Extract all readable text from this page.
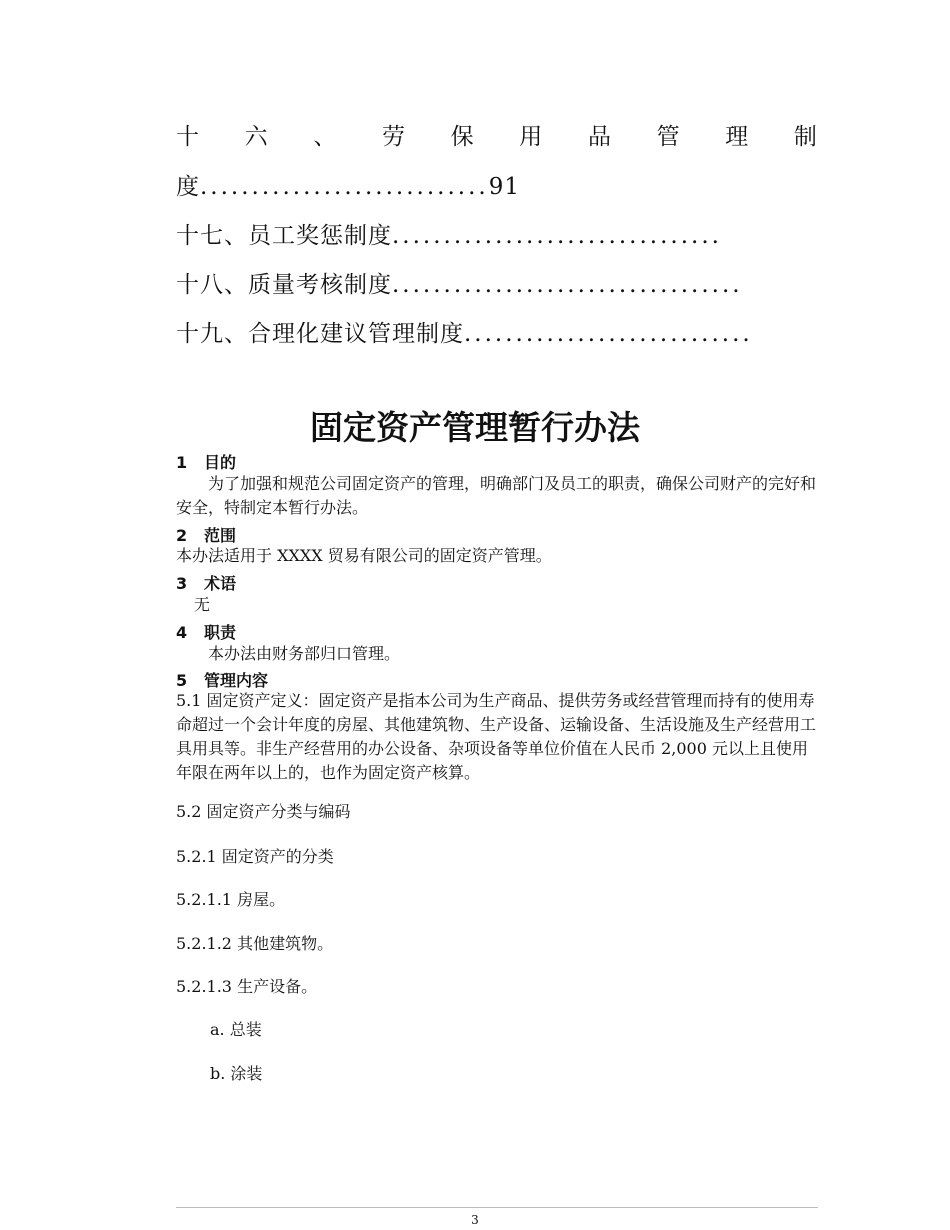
十 六 、 劳 保 用 品 管 理 制
度............................91
十七、员工奖惩制度................................
十八、质量考核制度..................................
十九、合理化建议管理制度............................
固定资产管理暂行办法
1 目的
为了加强和规范公司固定资产的管理，明确部门及员工的职责，确保公司财产的完好和安全，特制定本暂行办法。
2 范围
本办法适用于 XXXX 贸易有限公司的固定资产管理。
3 术语
无
4 职责
本办法由财务部归口管理。
5 管理内容
5.1 固定资产定义：固定资产是指本公司为生产商品、提供劳务或经营管理而持有的使用寿命超过一个会计年度的房屋、其他建筑物、生产设备、运输设备、生活设施及生产经营用工具用具等。非生产经营用的办公设备、杂项设备等单位价值在人民币 2,000 元以上且使用年限在两年以上的，也作为固定资产核算。
5.2 固定资产分类与编码
5.2.1 固定资产的分类
5.2.1.1 房屋。
5.2.1.2 其他建筑物。
5.2.1.3 生产设备。
a. 总装
b. 涂装
3
